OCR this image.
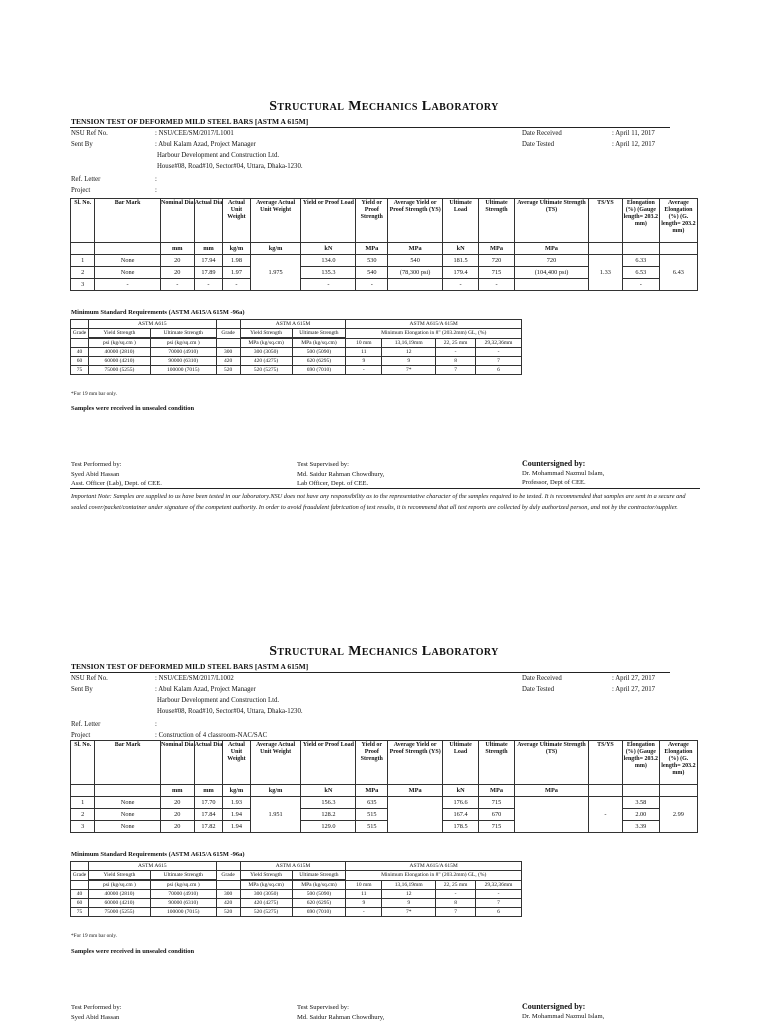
Structural Mechanics Laboratory
TENSION TEST OF DEFORMED MILD STEEL BARS [ASTM A 615M]
NSU Ref No.	: NSU/CEE/SM/2017/L1001
Sent By	: Abul Kalam Azad, Project Manager
Harbour Development and Construction Ltd.
House#08, Road#10, Sector#04, Uttara, Dhaka-1230.
Ref. Letter	:
Project	:
Date Received	: April 11, 2017
Date Tested	: April 12, 2017
Sl. No.	Bar Mark	Nominal Dia	Actual Dia	Actual Unit Weight	Average Actual Unit Weight	Yield or Proof Load	Yield or Proof Strength	Average Yield or Proof Strength (YS)	Ultimate Load	Ultimate Strength	Average Ultimate Strength (TS)	TS/YS	Elongation (%) (Gauge length= 203.2 mm)	Average Elongation (%) (G. length= 203.2 mm)
		mm	mm	kg/m	kg/m	kN	MPa	MPa	kN	MPa	MPa			
1	None	20	17.94	1.98	1.975	134.0	530	540	181.5	720	720	1.33	6.33	6.43
2	None	20	17.89	1.97		135.3	540	(78,300 psi)	179.4	715	(104,400 psi)		6.53	
3	-	-	-	-		-	-		-	-			-	
Minimum Standard Requirements (ASTM A615/A 615M -96a)
	ASTM A615			ASTM A 615M		ASTM A615/A 615M			
Grade	Yield Strength	Ultimate Strength	Grade	Yield Strength	Ultimate Strength	Minimum Elongation in 8" (203.2mm) GL, (%)			

	psi (kg/sq.cm )	psi (kg/sq.cm )		MPa (kg/sq.cm)	MPa (kg/sq.cm)	10 mm	13,16,19mm	22, 25 mm	29,32,36mm
40	40000 (2810)	70000 (4910)	300	300 (3050)	500 (5090)	11	12	-	-
60	60000 (4210)	90000 (6310)	420	420 (4275)	620 (6295)	9	9	8	7
75	75000 (5255)	100000 (7015)	520	520 (5275)	690 (7010)	-	7*	7	6
*For 19 mm bar only.
Samples were received in unsealed condition
Test Performed by:
Syed Abid Hassan
Asst. Officer (Lab), Dept. of CEE.
Test Supervised by:
Md. Saidur Rahman Chowdhury,
Lab Officer, Dept. of CEE.
Countersigned by:
Dr. Mohammad Nazmul Islam,
Professor, Dept of CEE.
Important Note: Samples are supplied to us have been tested in our laboratory.NSU does not have any responsibility as to the representative character of the samples required to be tested. It is recommended that samples are sent in a secure and sealed cover/packet/container under signature of the competent authority. In order to avoid fraudulent fabrication of test results, it is recommend that all test reports are collected by duly authorized person, and not by the contractor/supplier.
Structural Mechanics Laboratory
TENSION TEST OF DEFORMED MILD STEEL BARS [ASTM A 615M]
NSU Ref No.	: NSU/CEE/SM/2017/L1002
Sent By	: Abul Kalam Azad, Project Manager
Harbour Development and Construction Ltd.
House#08, Road#10, Sector#04, Uttara, Dhaka-1230.
Ref. Letter	:
Project	: Construction of 4 classroom-NAC/SAC
Date Received	: April 27, 2017
Date Tested	: April 27, 2017
Sl. No.	Bar Mark	Nominal Dia	Actual Dia	Actual Unit Weight	Average Actual Unit Weight	Yield or Proof Load	Yield or Proof Strength	Average Yield or Proof Strength (YS)	Ultimate Load	Ultimate Strength	Average Ultimate Strength (TS)	TS/YS	Elongation (%) (Gauge length= 203.2 mm)	Average Elongation (%) (G. length= 203.2 mm)
		mm	mm	kg/m	kg/m	kN	MPa	MPa	kN	MPa	MPa			
1	None	20	17.70	1.93	1.951	156.3	635		176.6	715		-	3.58	2.99
2	None	20	17.84	1.94		128.2	515		167.4	670			2.00	
3	None	20	17.82	1.94		129.0	515		178.5	715			3.39	
Minimum Standard Requirements (ASTM A615/A 615M -96a)
	ASTM A615			ASTM A 615M		ASTM A615/A 615M			
Grade	Yield Strength	Ultimate Strength	Grade	Yield Strength	Ultimate Strength	Minimum Elongation in 8" (203.2mm) GL, (%)			

	psi (kg/sq.cm )	psi (kg/sq.cm )		MPa (kg/sq.cm)	MPa (kg/sq.cm)	10 mm	13,16,19mm	22, 25 mm	29,32,36mm
40	40000 (2810)	70000 (4910)	300	300 (3050)	500 (5090)	11	12	-	-
60	60000 (4210)	90000 (6310)	420	420 (4275)	620 (6295)	9	9	8	7
75	75000 (5255)	100000 (7015)	520	520 (5275)	690 (7010)	-	7*	7	6
*For 19 mm bar only.
Samples were received in unsealed condition
Test Performed by:
Syed Abid Hassan
Test Supervised by:
Md. Saidur Rahman Chowdhury,
Countersigned by:
Dr. Mohammad Nazmul Islam,
